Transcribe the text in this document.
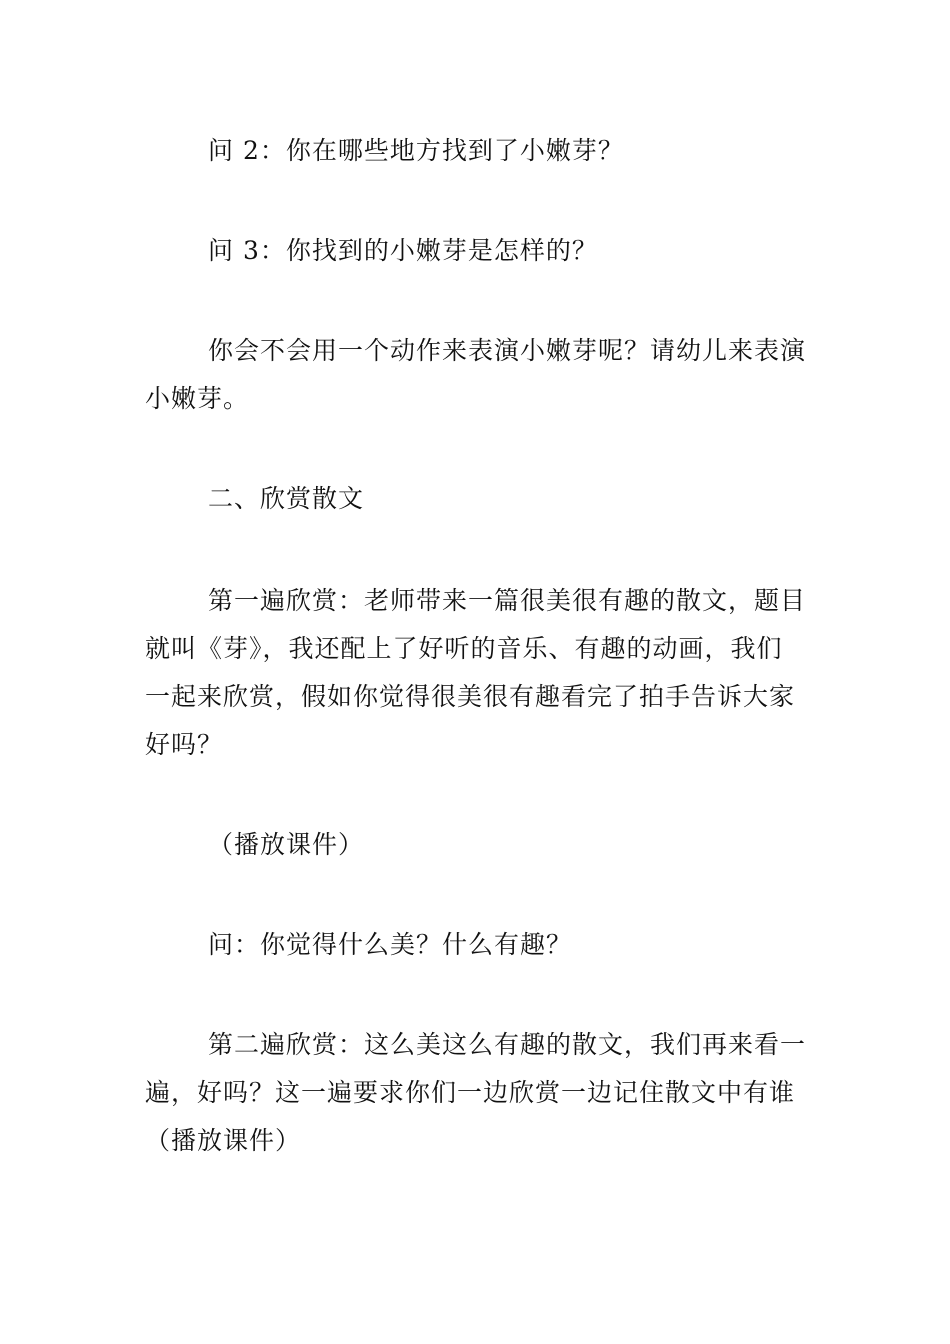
问 2：你在哪些地方找到了小嫩芽？

问 3：你找到的小嫩芽是怎样的？

你会不会用一个动作来表演小嫩芽呢？请幼儿来表演
小嫩芽。

二、欣赏散文

第一遍欣赏：老师带来一篇很美很有趣的散文，题目
就叫《芽》，我还配上了好听的音乐、有趣的动画，我们
一起来欣赏，假如你觉得很美很有趣看完了拍手告诉大家
好吗？

（播放课件）

问：你觉得什么美？什么有趣？

第二遍欣赏：这么美这么有趣的散文，我们再来看一
遍，好吗？这一遍要求你们一边欣赏一边记住散文中有谁
（播放课件）
